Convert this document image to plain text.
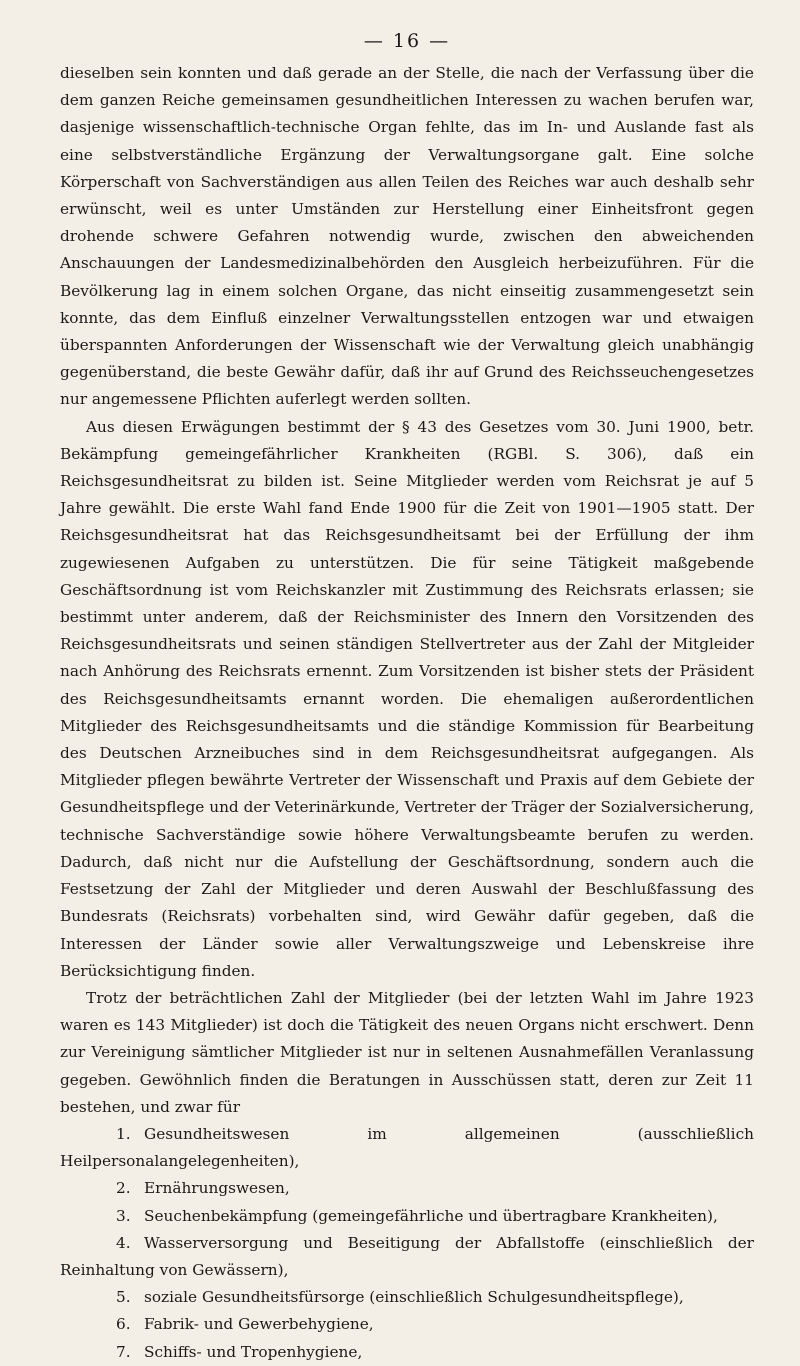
— 16 —

dieselben sein konnten und daß gerade an der Stelle, die nach der Verfassung über die dem ganzen Reiche gemeinsamen gesundheitlichen Interessen zu wachen berufen war, dasjenige wissenschaftlich-technische Organ fehlte, das im In- und Auslande fast als eine selbstverständliche Ergänzung der Verwaltungsorgane galt. Eine solche Körperschaft von Sachverständigen aus allen Teilen des Reiches war auch deshalb sehr erwünscht, weil es unter Umständen zur Herstellung einer Einheitsfront gegen drohende schwere Gefahren notwendig wurde, zwischen den abweichenden Anschauungen der Landesmedizinalbehörden den Ausgleich herbeizuführen. Für die Bevölkerung lag in einem solchen Organe, das nicht einseitig zusammengesetzt sein konnte, das dem Einfluß einzelner Verwaltungsstellen entzogen war und etwaigen überspannten Anforderungen der Wissenschaft wie der Verwaltung gleich unabhängig gegenüberstand, die beste Gewähr dafür, daß ihr auf Grund des Reichsseuchengesetzes nur angemessene Pflichten auferlegt werden sollten.

Aus diesen Erwägungen bestimmt der § 43 des Gesetzes vom 30. Juni 1900, betr. Bekämpfung gemeingefährlicher Krankheiten (RGBl. S. 306), daß ein Reichsgesundheitsrat zu bilden ist. Seine Mitglieder werden vom Reichsrat je auf 5 Jahre gewählt. Die erste Wahl fand Ende 1900 für die Zeit von 1901—1905 statt. Der Reichsgesundheitsrat hat das Reichsgesundheitsamt bei der Erfüllung der ihm zugewiesenen Aufgaben zu unterstützen. Die für seine Tätigkeit maßgebende Geschäftsordnung ist vom Reichskanzler mit Zustimmung des Reichsrats erlassen; sie bestimmt unter anderem, daß der Reichsminister des Innern den Vorsitzenden des Reichsgesundheitsrats und seinen ständigen Stellvertreter aus der Zahl der Mitgleider nach Anhörung des Reichsrats ernennt. Zum Vorsitzenden ist bisher stets der Präsident des Reichsgesundheitsamts ernannt worden. Die ehemaligen außerordentlichen Mitglieder des Reichsgesundheitsamts und die ständige Kommission für Bearbeitung des Deutschen Arzneibuches sind in dem Reichsgesundheitsrat aufgegangen. Als Mitglieder pflegen bewährte Vertreter der Wissenschaft und Praxis auf dem Gebiete der Gesundheitspflege und der Veterinärkunde, Vertreter der Träger der Sozialversicherung, technische Sachverständige sowie höhere Verwaltungsbeamte berufen zu werden. Dadurch, daß nicht nur die Aufstellung der Geschäftsordnung, sondern auch die Festsetzung der Zahl der Mitglieder und deren Auswahl der Beschlußfassung des Bundesrats (Reichsrats) vorbehalten sind, wird Gewähr dafür gegeben, daß die Interessen der Länder sowie aller Verwaltungszweige und Lebenskreise ihre Berücksichtigung finden.

Trotz der beträchtlichen Zahl der Mitglieder (bei der letzten Wahl im Jahre 1923 waren es 143 Mitglieder) ist doch die Tätigkeit des neuen Organs nicht erschwert. Denn zur Vereinigung sämtlicher Mitglieder ist nur in seltenen Ausnahmefällen Veranlassung gegeben. Gewöhnlich finden die Beratungen in Ausschüssen statt, deren zur Zeit 11 bestehen, und zwar für

1. Gesundheitswesen im allgemeinen (ausschließlich Heilpersonalangelegenheiten),
2. Ernährungswesen,
3. Seuchenbekämpfung (gemeingefährliche und übertragbare Krankheiten),
4. Wasserversorgung und Beseitigung der Abfallstoffe (einschließlich der Reinhaltung von Gewässern),
5. soziale Gesundheitsfürsorge (einschließlich Schulgesundheitspflege),
6. Fabrik- und Gewerbehygiene,
7. Schiffs- und Tropenhygiene,
